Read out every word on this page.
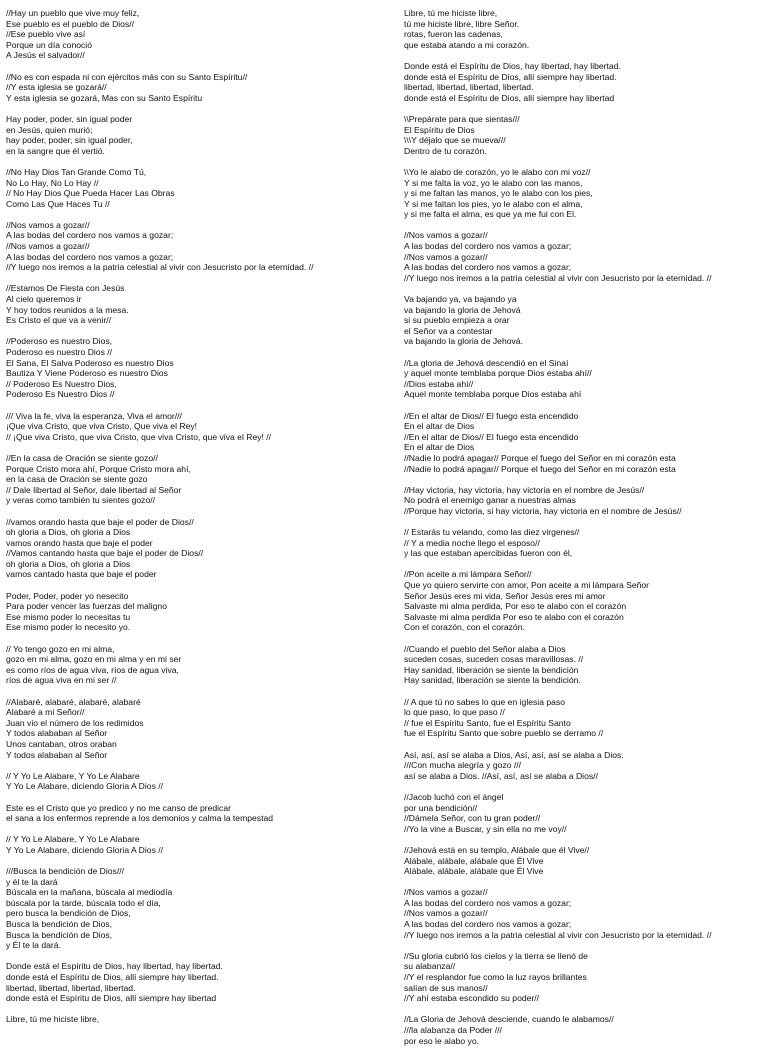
//Hay un pueblo que vive muy feliz,
Ese pueblo es el pueblo de Dios//
//Ese pueblo vive así
Porque un día conoció
A Jesús el salvador//
//No es con espada ni con ejércitos más con su Santo Espíritu//
//Y esta iglesia se gozará//
Y esta iglesia se gozará, Mas con su Santo Espíritu
Hay poder, poder, sin igual poder
en Jesús, quien murió;
hay poder, poder, sin igual poder,
en la sangre que él vertió.
//No Hay Dios Tan Grande Como Tú,
No Lo Hay, No Lo Hay //
// No Hay Dios Que Pueda Hacer Las Obras
Como Las Que Haces Tu //
//Nos vamos a gozar//
A las bodas del cordero nos vamos a gozar;
//Nos vamos a gozar//
A las bodas del cordero nos vamos a gozar;
//Y luego nos iremos a la patria celestial al vivir con Jesucristo por la eternidad. //
//Estamos De Fiesta con Jesús
Al cielo queremos ir
Y hoy todos reunidos a la mesa.
Es Cristo el que va a venir//
//Poderoso es nuestro Dios,
Poderoso es nuestro Dios //
El Sana, El Salva Poderoso es nuestro Dios
Bautiza Y Viene Poderoso es nuestro Dios
// Poderoso Es Nuestro Dios,
Poderoso Es Nuestro Dios //
/// Viva la fe, viva la esperanza, Viva el amor///
¡Que viva Cristo, que viva Cristo, Que viva el Rey!
// ¡Que viva Cristo, que viva Cristo, que viva Cristo, que viva el Rey! //
//En la casa de Oración se siente gozo//
Porque Cristo mora ahí, Porque Cristo mora ahí,
en la casa de Oración se siente gozo
// Dale libertad al Señor, dale libertad al Señor
y veras como también tu sientes gozo//
//vamos orando hasta que baje el poder de Dios//
oh gloria a Dios, oh gloria a Dios
vamos orando hasta que baje el poder
//Vamos cantando hasta que baje el poder de Dios//
oh gloria a Dios, oh gloria a Dios
vamos cantado hasta que baje el poder
Poder, Poder, poder yo nesecito
Para poder vencer las fuerzas del maligno
Ese mismo poder lo necesitas tu
Ese mismo poder lo necesito yo.
// Yo tengo gozo en mi alma,
gozo en mi alma, gozo en mi alma y en mi ser
es como ríos de agua viva, ríos de agua viva,
ríos de agua viva en mi ser //
//Alabaré, alabaré, alabaré, alabaré
Alabaré a mi Señor//
Juan vio el número de los redimidos
Y todos alababan al Señor
Unos cantaban, otros oraban
Y todos alababan al Señor
// Y Yo Le Alabare, Y Yo Le Alabare
Y Yo Le Alabare, diciendo Gloria A Dios //
Este es el Cristo que yo predico y no me canso de predicar
el sana a los enfermos reprende a los demonios y calma la tempestad
// Y Yo Le Alabare, Y Yo Le Alabare
Y Yo Le Alabare, diciendo Gloria A Dios //
///Busca la bendición de Dios///
y él te la dará
Búscala en la mañana, búscala al mediodía
búscala por la tarde, búscala todo el día,
pero busca la bendición de Dios,
Busca la bendición de Dios,
Busca la bendición de Dios,
y Él te la dará.
Donde está el Espíritu de Dios, hay libertad, hay libertad.
donde está el Espíritu de Dios, allí siempre hay libertad.
libertad, libertad, libertad, libertad.
donde está el Espíritu de Dios, allí siempre hay libertad
Libre, tú me hiciste libre,
Libre, tú me hiciste libre,
tú me hiciste libre, libre Señor.
rotas, fueron las cadenas,
que estaba atando a mi corazón.
Donde está el Espíritu de Dios, hay libertad, hay libertad.
donde está el Espíritu de Dios, allí siempre hay libertad.
libertad, libertad, libertad, libertad.
donde está el Espíritu de Dios, allí siempre hay libertad
\\Prepárate para que sientas///
El Espíritu de Dios
\\\Y déjalo que se mueva///
Dentro de tu corazón.
\\Yo le alabo de corazón, yo le alabo con mi voz//
Y si me falta la voz, yo le alabo con las manos,
y si me faltan las manos, yo le alabo con los pies,
Y si me faltan los pies, yo le alabo con el alma,
y si me falta el alma, es que ya me fui con El.
//Nos vamos a gozar//
A las bodas del cordero nos vamos a gozar;
//Nos vamos a gozar//
A las bodas del cordero nos vamos a gozar;
//Y luego nos iremos a la patria celestial al vivir con Jesucristo por la eternidad. //
Va bajando ya, va bajando ya
va bajando la gloria de Jehová
si su pueblo empieza a orar
el Señor va a contestar
va bajando la gloria de Jehová.
//La gloria de Jehová descendió en el Sinaí
y aquel monte temblaba porque Dios estaba ahí//
//Dios estaba ahí//
Aquel monte temblaba porque Dios estaba ahí
//En el altar de Dios// El fuego esta encendido
En el altar de Dios
//En el altar de Dios// El fuego esta encendido
En el altar de Dios
//Nadie lo podrá apagar// Porque el fuego del Señor en mi corazón esta
//Nadie lo podrá apagar// Porque el fuego del Señor en mi corazón esta
//Hay victoria, hay victoria, hay victoria en el nombre de Jesús//
No podrá el enemigo ganar a nuestras almas
//Porque hay victoria, si hay victoria, hay victoria en el nombre de Jesús//
// Estarás tu velando, como las diez virgenes//
// Y a media noche llego el esposo//
y las que estaban apercibidas fueron con él,
//Pon aceite a mi lámpara Señor//
Que yo quiero servirte con amor, Pon aceite a mi lámpara Señor
Señor Jesús eres mi vida, Señor Jesús eres mi amor
Salvaste mi alma perdida, Por eso te alabo con el corazón
Salvaste mi alma perdida Por eso te alabo con el corazón
Con el corazón, con el corazón.
//Cuando el pueblo del Señor alaba a Dios
suceden cosas, suceden cosas maravillosas. //
Hay sanidad, liberación se siente la bendición
Hay sanidad, liberación se siente la bendición.
// A que tú no sabes lo que en iglesia paso
lo que paso, lo que paso //
// fue el Espíritu Santo, fue el Espíritu Santo
fue el Espíritu Santo que sobre pueblo se derramo //
Así, así, así se alaba a Dios, Así, así, así se alaba a Dios.
///Con mucha alegría y gozo ///
así se alaba a Dios. //Así, así, así se alaba a Dios//
//Jacob luchó con el ángel
por una bendición//
//Dámela Señor, con tu gran poder//
//Yo la vine a Buscar, y sin ella no me voy//
//Jehová está en su templo, Alábale que él Vive//
Alábale, alábale, alábale que Él Vive
Alábale, alábale, alábale que Él Vive
//Nos vamos a gozar//
A las bodas del cordero nos vamos a gozar;
//Nos vamos a gozar//
A las bodas del cordero nos vamos a gozar;
//Y luego nos iremos a la patria celestial al vivir con Jesucristo por la eternidad. //
//Su gloria cubrió los cielos y la tierra se llenó de
su alabanza//
//Y el resplandor fue como la luz rayos brillantes
salían de sus manos//
//Y ahí estaba escondido su poder//
//La Gloria de Jehová desciende, cuando le alabamos//
///la alabanza da Poder ///
por eso le alabo yo.
